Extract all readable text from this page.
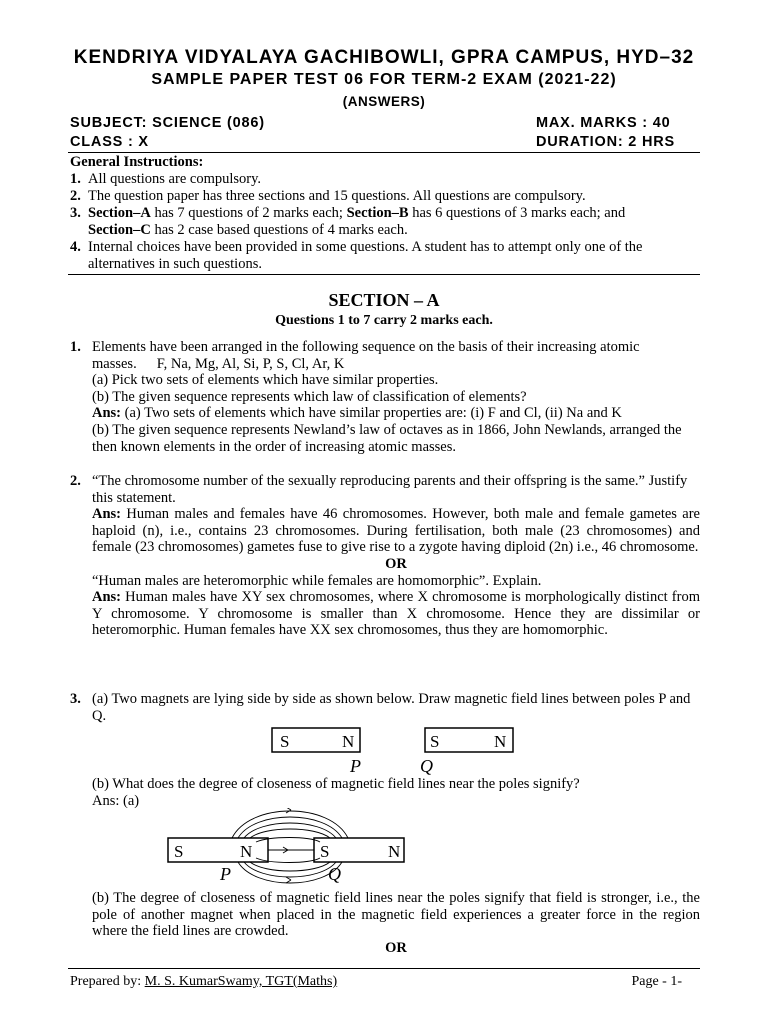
KENDRIYA VIDYALAYA GACHIBOWLI, GPRA CAMPUS, HYD–32
SAMPLE PAPER TEST 06 FOR TERM-2 EXAM (2021-22)
(ANSWERS)
SUBJECT: SCIENCE (086)	MAX. MARKS : 40
CLASS : X	DURATION: 2 HRS
General Instructions:
1. All questions are compulsory.
2. The question paper has three sections and 15 questions. All questions are compulsory.
3. Section–A has 7 questions of 2 marks each; Section–B has 6 questions of 3 marks each; and
Section–C has 2 case based questions of 4 marks each.
4. Internal choices have been provided in some questions. A student has to attempt only one of the alternatives in such questions.
SECTION – A
Questions 1 to 7 carry 2 marks each.
1. Elements have been arranged in the following sequence on the basis of their increasing atomic

masses. F, Na, Mg, Al, Si, P, S, Cl, Ar, K

(a) Pick two sets of elements which have similar properties.

(b) The given sequence represents which law of classification of elements?

Ans: (a) Two sets of elements which have similar properties are: (i) F and Cl, (ii) Na and K

(b) The given sequence represents Newland’s law of octaves as in 1866, John Newlands, arranged the then known elements in the order of increasing atomic masses.

2. “The chromosome number of the sexually reproducing parents and their offspring is the same.” Justify this statement.

Ans: Human males and females have 46 chromosomes. However, both male and female gametes are haploid (n), i.e., contains 23 chromosomes. During fertilisation, both male (23 chromosomes) and female (23 chromosomes) gametes fuse to give rise to a zygote having diploid (2n) i.e., 46 chromosome.

OR

“Human males are heteromorphic while females are homomorphic”. Explain.

Ans: Human males have XY sex chromosomes, where X chromosome is morphologically distinct from Y chromosome. Y chromosome is smaller than X chromosome. Hence they are dissimilar or heteromorphic. Human females have XX sex chromosomes, thus they are homomorphic.

3. (a) Two magnets are lying side by side as shown below. Draw magnetic field lines between poles P and Q.

S	N	S	N
P	Q

(b) What does the degree of closeness of magnetic field lines near the poles signify?

Ans: (a)

S	N	S	N
P	Q

(b) The degree of closeness of magnetic field lines near the poles signify that field is stronger, i.e., the pole of another magnet when placed in the magnetic field experiences a greater force in the region where the field lines are crowded.

OR

Prepared by: M. S. KumarSwamy, TGT(Maths)	Page - 1-
